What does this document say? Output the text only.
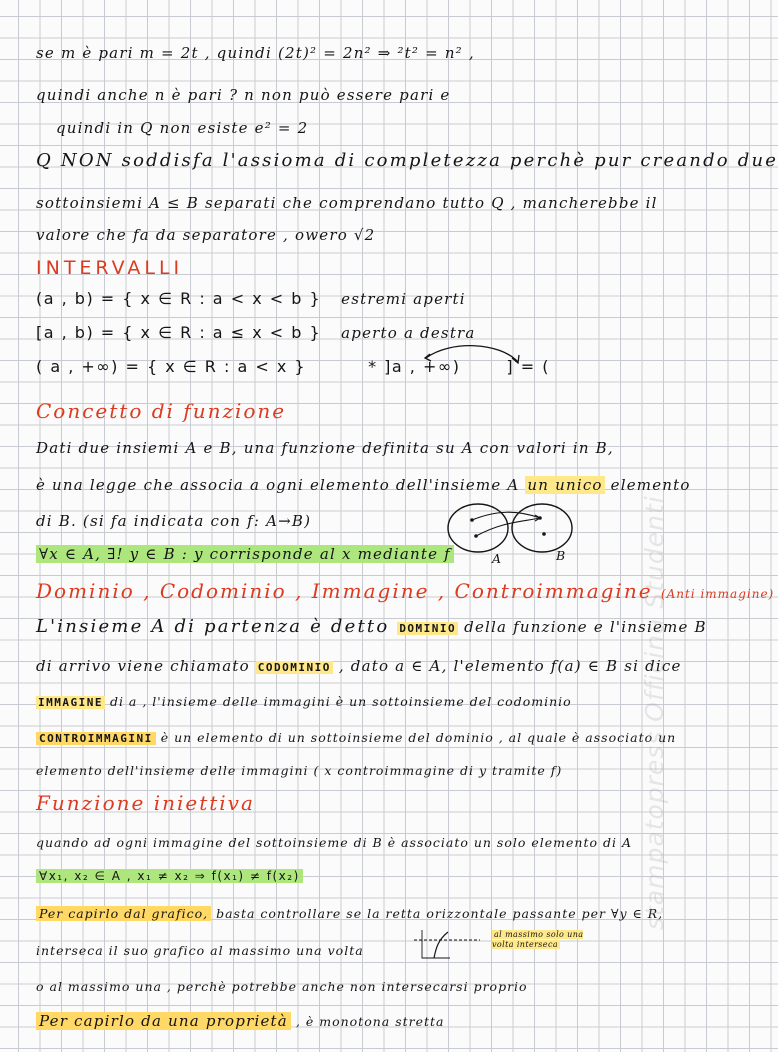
se m è pari m = 2t , quindi (2t)² = 2n² ⇒ ²t² = n² ,
quindi anche n è pari ? n non può essere pari e
quindi in Q non esiste e² = 2
Q NON soddisfa l'assioma di completezza perchè pur creando due
sottoinsiemi A ≤ B separati che comprendano tutto Q , mancherebbe il
valore che fa da separatore , owero √2
INTERVALLI
(a , b) = { x ∈ R : a < x < b } estremi aperti
[a , b) = { x ∈ R : a ≤ x < b } aperto a destra
( a , +∞) = { x ∈ R : a < x }	* ]a , +∞)	] = (
Concetto di funzione
Dati due insiemi A e B, una funzione definita su A con valori in B,
è una legge che associa a ogni elemento dell'insieme A un unico elemento
di B. (si fa indicata con f: A→B)
∀x ∈ A, ∃! y ∈ B : y corrisponde al x mediante f	A	B
Dominio , Codominio , Immagine , Controimmagine (Anti immagine)
L'insieme A di partenza è detto DOMINIO della funzione e l'insieme B
di arrivo viene chiamato CODOMINIO , dato a ∈ A, l'elemento f(a) ∈ B si dice
IMMAGINE di a , l'insieme delle immagini è un sottoinsieme del codominio
CONTROIMMAGINI è un elemento di un sottoinsieme del dominio , al quale è associato un
elemento dell'insieme delle immagini ( x controimmagine di y tramite f)
Funzione iniettiva
quando ad ogni immagine del sottoinsieme di B è associato un solo elemento di A
∀x₁, x₂ ∈ A , x₁ ≠ x₂ ⇒ f(x₁) ≠ f(x₂)
Per capirlo dal grafico, basta controllare se la retta orizzontale passante per ∀y ∈ R,
interseca il suo grafico al massimo una volta
al massimo solo una volta interseca
o al massimo una , perchè potrebbe anche non intersecarsi proprio
Per capirlo da una proprietà , è monotona stretta
stampatopress Officina Studenti
